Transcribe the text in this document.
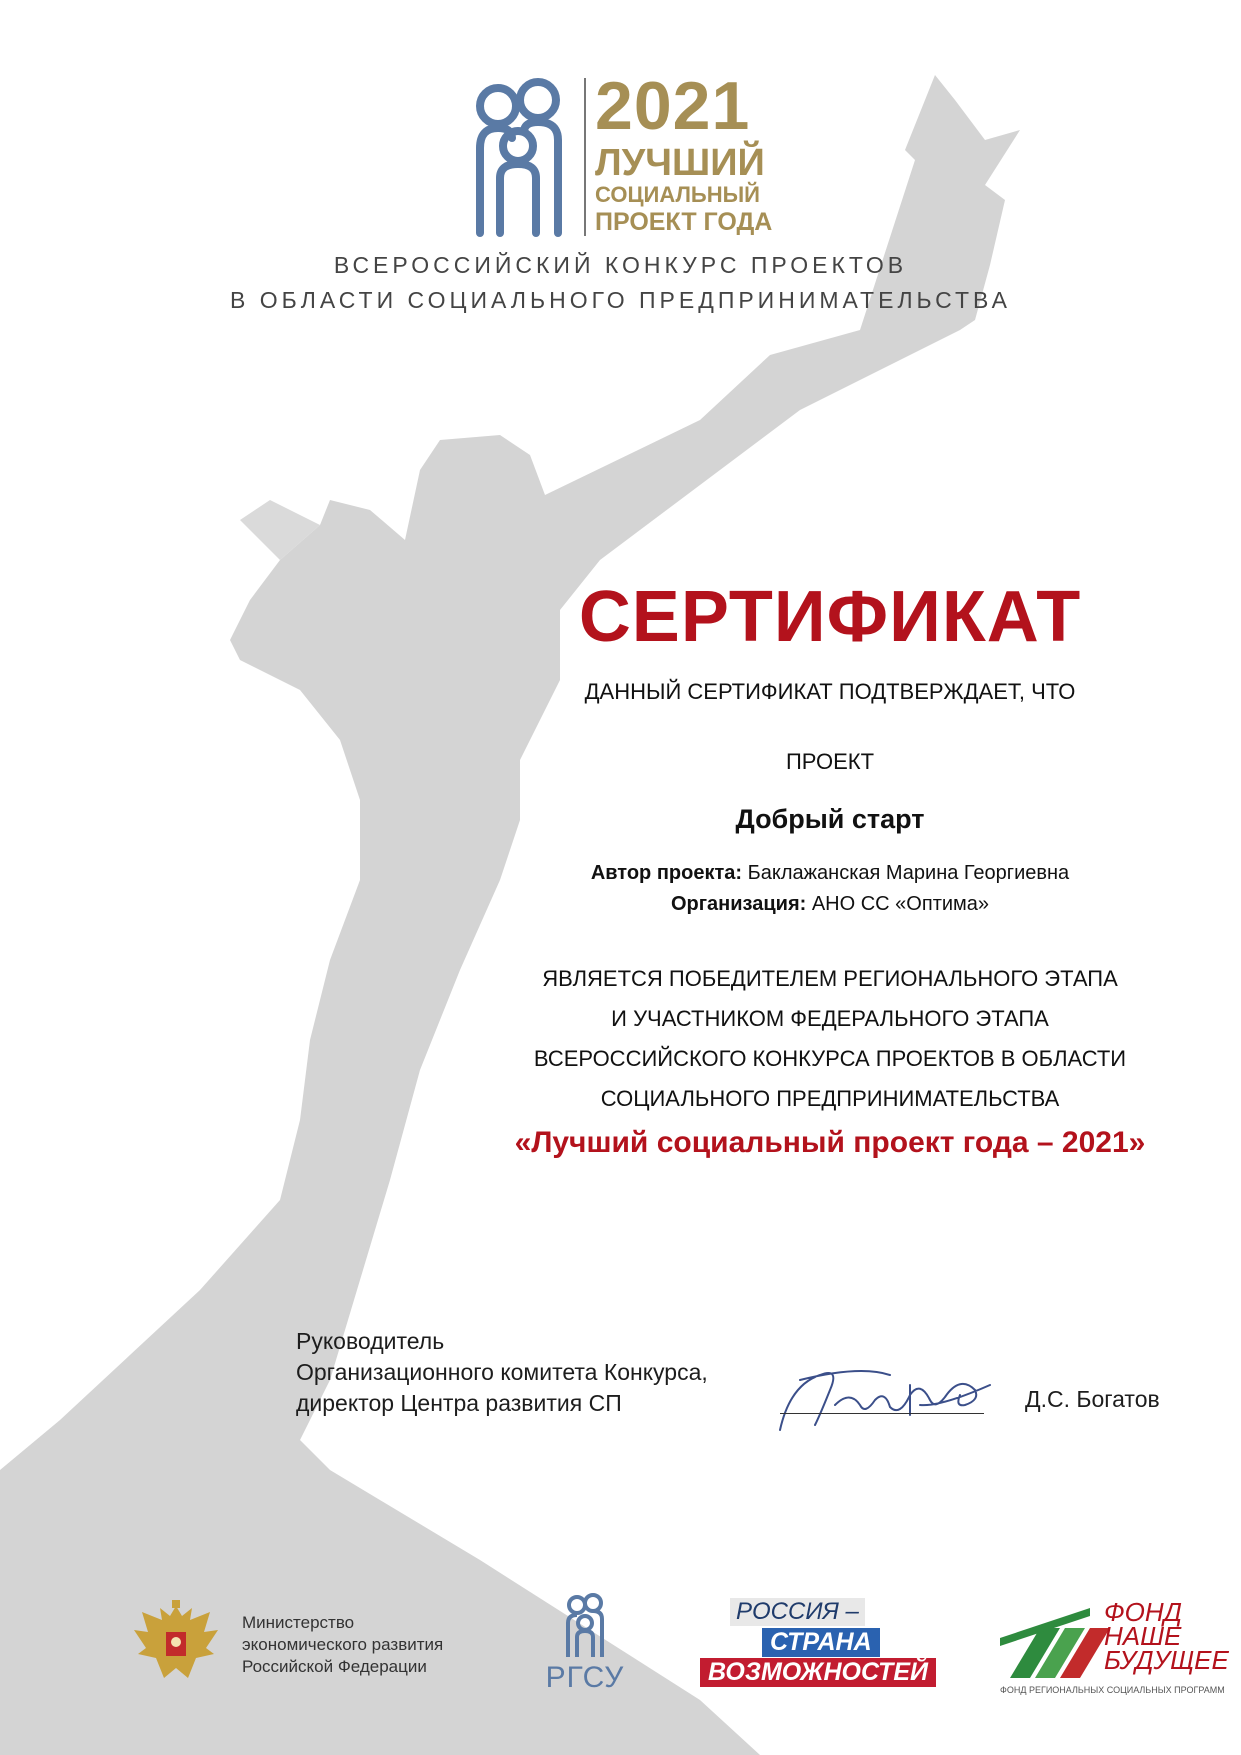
2021
ЛУЧШИЙ
СОЦИАЛЬНЫЙ
ПРОЕКТ ГОДА
ВСЕРОССИЙСКИЙ КОНКУРС ПРОЕКТОВ
В ОБЛАСТИ СОЦИАЛЬНОГО ПРЕДПРИНИМАТЕЛЬСТВА
СЕРТИФИКАТ
ДАННЫЙ СЕРТИФИКАТ ПОДТВЕРЖДАЕТ, ЧТО
ПРОЕКТ
Добрый старт
Автор проекта: Баклажанская Марина Георгиевна
Организация: АНО СС «Оптима»
ЯВЛЯЕТСЯ ПОБЕДИТЕЛЕМ РЕГИОНАЛЬНОГО ЭТАПА
И УЧАСТНИКОМ ФЕДЕРАЛЬНОГО ЭТАПА
ВСЕРОССИЙСКОГО КОНКУРСА ПРОЕКТОВ В ОБЛАСТИ
СОЦИАЛЬНОГО ПРЕДПРИНИМАТЕЛЬСТВА
«Лучший социальный проект года – 2021»
Руководитель
Организационного комитета Конкурса,
директор Центра развития СП	Д.С. Богатов
Министерство
экономического развития
Российской Федерации	РГСУ
РОССИЯ –
СТРАНА
ВОЗМОЖНОСТЕЙ
ФОНД
НАШЕ
БУДУЩЕЕ
ФОНД РЕГИОНАЛЬНЫХ СОЦИАЛЬНЫХ ПРОГРАММ
